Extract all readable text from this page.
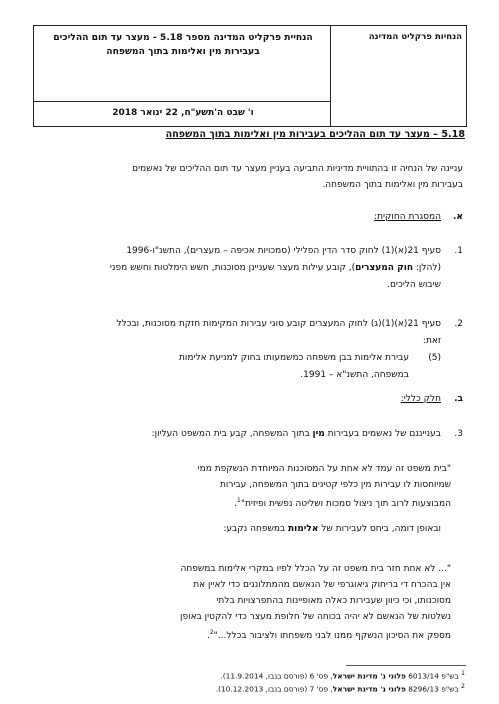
הנחיות פרקליט המדינה
הנחיית פרקליט המדינה מספר 5.18 - מעצר עד תום ההליכים
בעבירות מין ואלימות בתוך המשפחה
ו' שבט ה'תשע"ח, 22 ינואר 2018
5.18 – מעצר עד תום ההליכים בעבירות מין ואלימות בתוך המשפחה
עניינה של הנחיה זו בהתוויית מדיניות התביעה בעניין מעצר עד תום ההליכים של נאשמים
בעבירות מין ואלימות בתוך המשפחה.
א.
המסגרת החוקית:
1.
סעיף 21(א)(1) לחוק סדר הדין הפלילי (סמכויות אכיפה – מעצרים), התשנ"ו-1996
(להלן: חוק המעצרים), קובע עילות מעצר שעניינן מסוכנות, חשש הימלטות וחשש מפני
שיבוש הליכים.
2.
סעיף 21(א)(1)(ג) לחוק המעצרים קובע סוגי עבירות המקימות חזקת מסוכנות, ובכלל
זאת:
(5)
עבירת אלימות בבן משפחה כמשמעותו בחוק למניעת אלימות
במשפחה, התשנ"א – 1991.
ב.
חלק כללי:
3.
בענייננם של נאשמים בעבירות מין בתוך המשפחה, קבע בית המשפט העליון:
"בית משפט זה עמד לא אחת על המסוכנות המיוחדת הנשקפת ממי
שמיוחסות לו עבירות מין כלפי קטינים בתוך המשפחה, עבירות
המבוצעות לרוב תוך ניצול סמכות ושליטה נפשית ופיזית"$^1$.
ובאופן דומה, ביחס לעבירות של אלימות במשפחה נקבע:
"... לא אחת חזר בית משפט זה על הכלל לפיו במקרי אלימות במשפחה
אין בהכרח די בריחוק גיאוגרפי של הנאשם מהמתלוננים כדי לאיין את
מסוכנותו, וכי כיוון שעבירות כאלה מאופיינות בהתפרצויות בלתי
נשלטות של הנאשם לא יהיה בכוחה של חלופת מעצר כדי להקטין באופן
מספק את הסיכון הנשקף ממנו לבני משפחתו ולציבור בכלל..."$^2$.
$^1$ בש"פ 6013/14 פלוני נ' מדינת ישראל, פס' 6 (פורסם בנבו, 11.9.2014).
$^2$ בש"פ 8296/13 פלוני נ' מדינת ישראל, פס' 7 (פורסם בנבו, 10.12.2013).
